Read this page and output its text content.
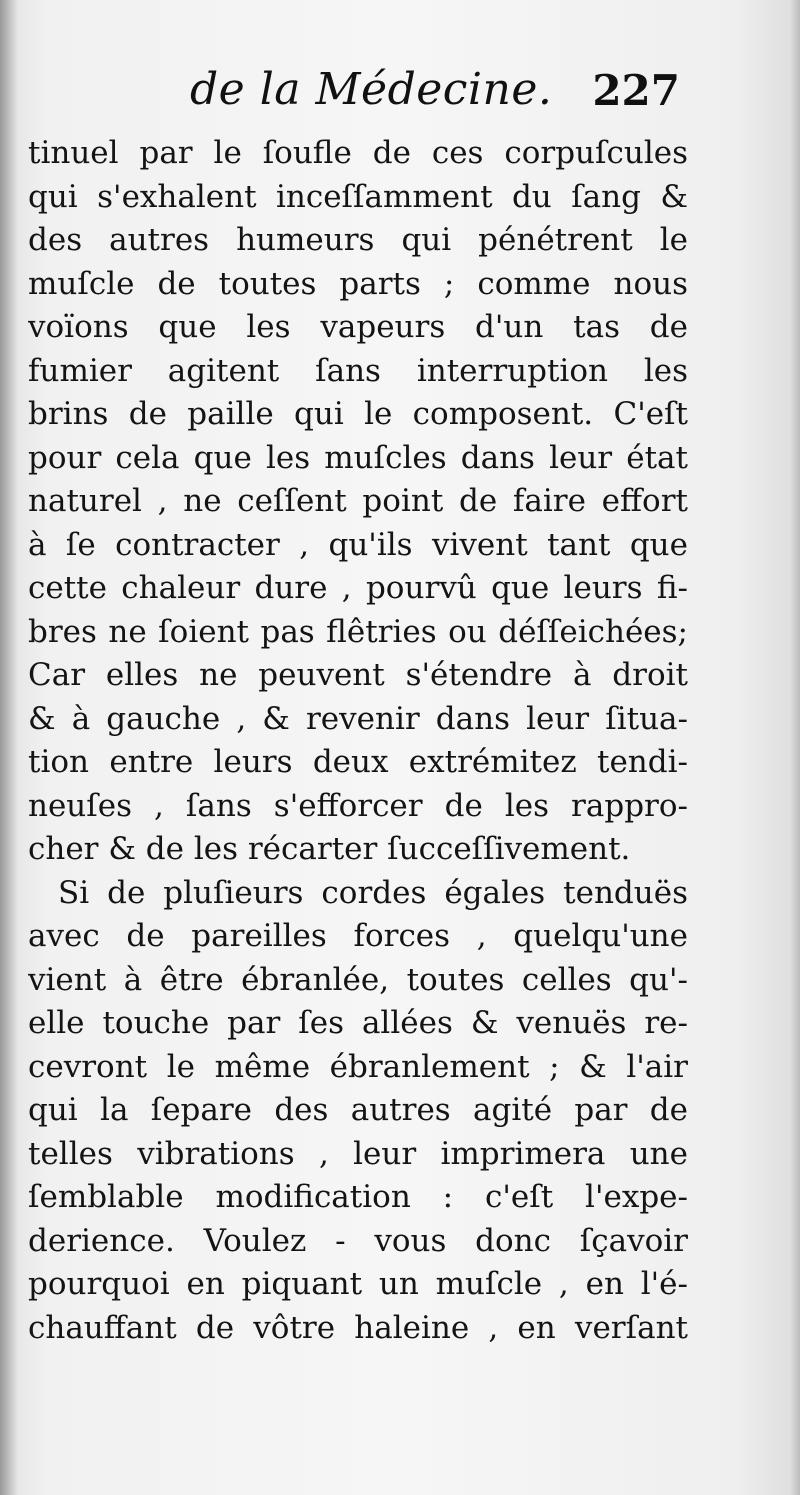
de la Médecine. 227
tinuel par le ſoufle de ces corpuſcules
qui s'exhalent inceſſamment du ſang &
des autres humeurs qui pénétrent le
muſcle de toutes parts ; comme nous
voïons que les vapeurs d'un tas de
fumier agitent ſans interruption les
brins de paille qui le composent. C'eſt
pour cela que les muſcles dans leur état
naturel , ne ceſſent point de faire effort
à ſe contracter , qu'ils vivent tant que
cette chaleur dure , pourvû que leurs fi-
bres ne ſoient pas flêtries ou déſſeichées;
Car elles ne peuvent s'étendre à droit
& à gauche , & revenir dans leur ſitua-
tion entre leurs deux extrémitez tendi-
neuſes , ſans s'efforcer de les rappro-
cher & de les récarter ſucceſſivement.
Si de pluſieurs cordes égales tenduës
avec de pareilles forces , quelqu'une
vient à être ébranlée, toutes celles qu'-
elle touche par ſes allées & venuës re-
cevront le même ébranlement ; & l'air
qui la ſepare des autres agité par de
telles vibrations , leur imprimera une
ſemblable modification : c'eſt l'expe-
derience. Voulez - vous donc ſçavoir
pourquoi en piquant un muſcle , en l'é-
chauffant de vôtre haleine , en verſant
